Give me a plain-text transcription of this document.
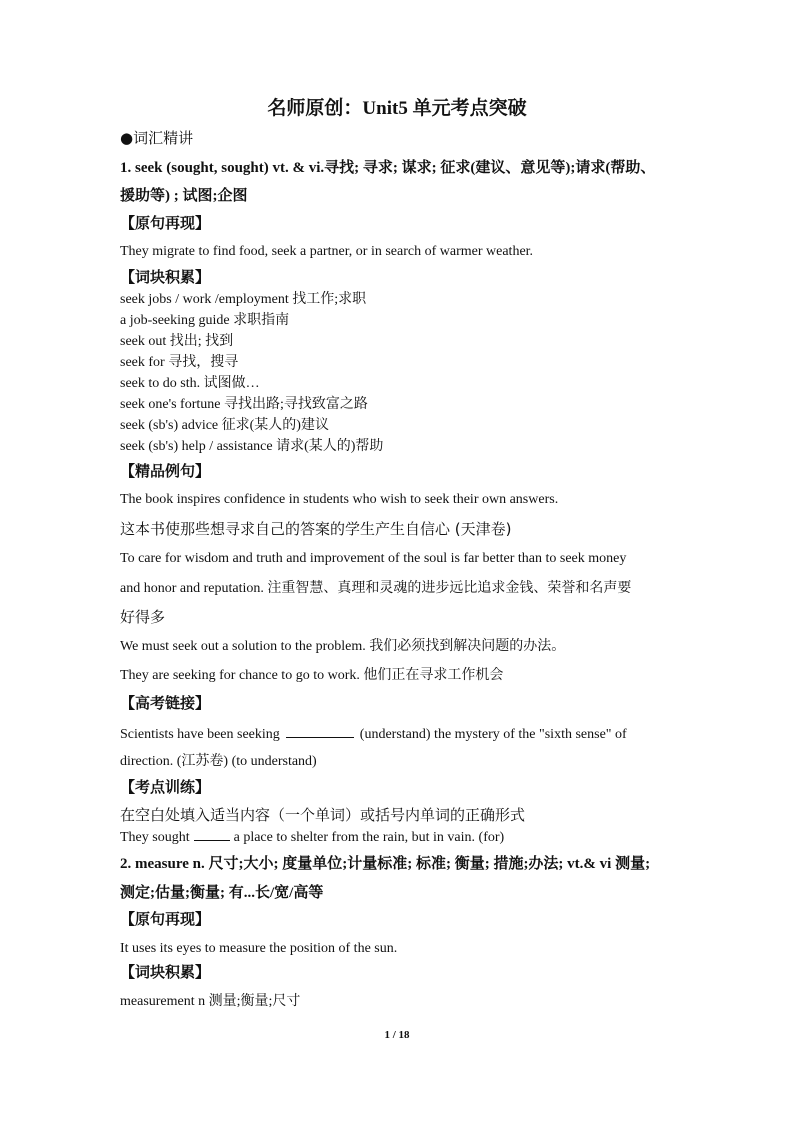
名师原创：Unit5 单元考点突破
●词汇精讲
1. seek (sought, sought) vt. & vi.寻找; 寻求; 谋求; 征求(建议、意见等);请求(帮助、
援助等) ; 试图;企图
【原句再现】
They migrate to find food, seek a partner, or in search of warmer weather.
【词块积累】
seek jobs / work /employment 找工作;求职
a job-seeking guide 求职指南
seek out 找出; 找到
seek for 寻找，搜寻
seek to do sth. 试图做…
seek one's fortune 寻找出路;寻找致富之路
seek (sb's) advice 征求(某人的)建议
seek (sb's) help / assistance 请求(某人的)帮助
【精品例句】
The book inspires confidence in students who wish to seek their own answers.
这本书使那些想寻求自己的答案的学生产生自信心 (天津卷)
To care for wisdom and truth and improvement of the soul is far better than to seek money
and honor and reputation. 注重智慧、真理和灵魂的进步远比追求金钱、荣誉和名声要
好得多
We must seek out a solution to the problem. 我们必须找到解决问题的办法。
They are seeking for chance to go to work. 他们正在寻求工作机会
【高考链接】
Scientists have been seeking	(understand) the mystery of the "sixth sense" of
direction. (江苏卷) (to understand)
【考点训练】
在空白处填入适当内容（一个单词）或括号内单词的正确形式
They sought	a place to shelter from the rain, but in vain. (for)
2. measure n. 尺寸;大小; 度量单位;计量标准; 标准; 衡量; 措施;办法; vt.& vi 测量;
测定;估量;衡量; 有...长/宽/高等
【原句再现】
It uses its eyes to measure the position of the sun.
【词块积累】
measurement n 测量;衡量;尺寸
1 / 18
